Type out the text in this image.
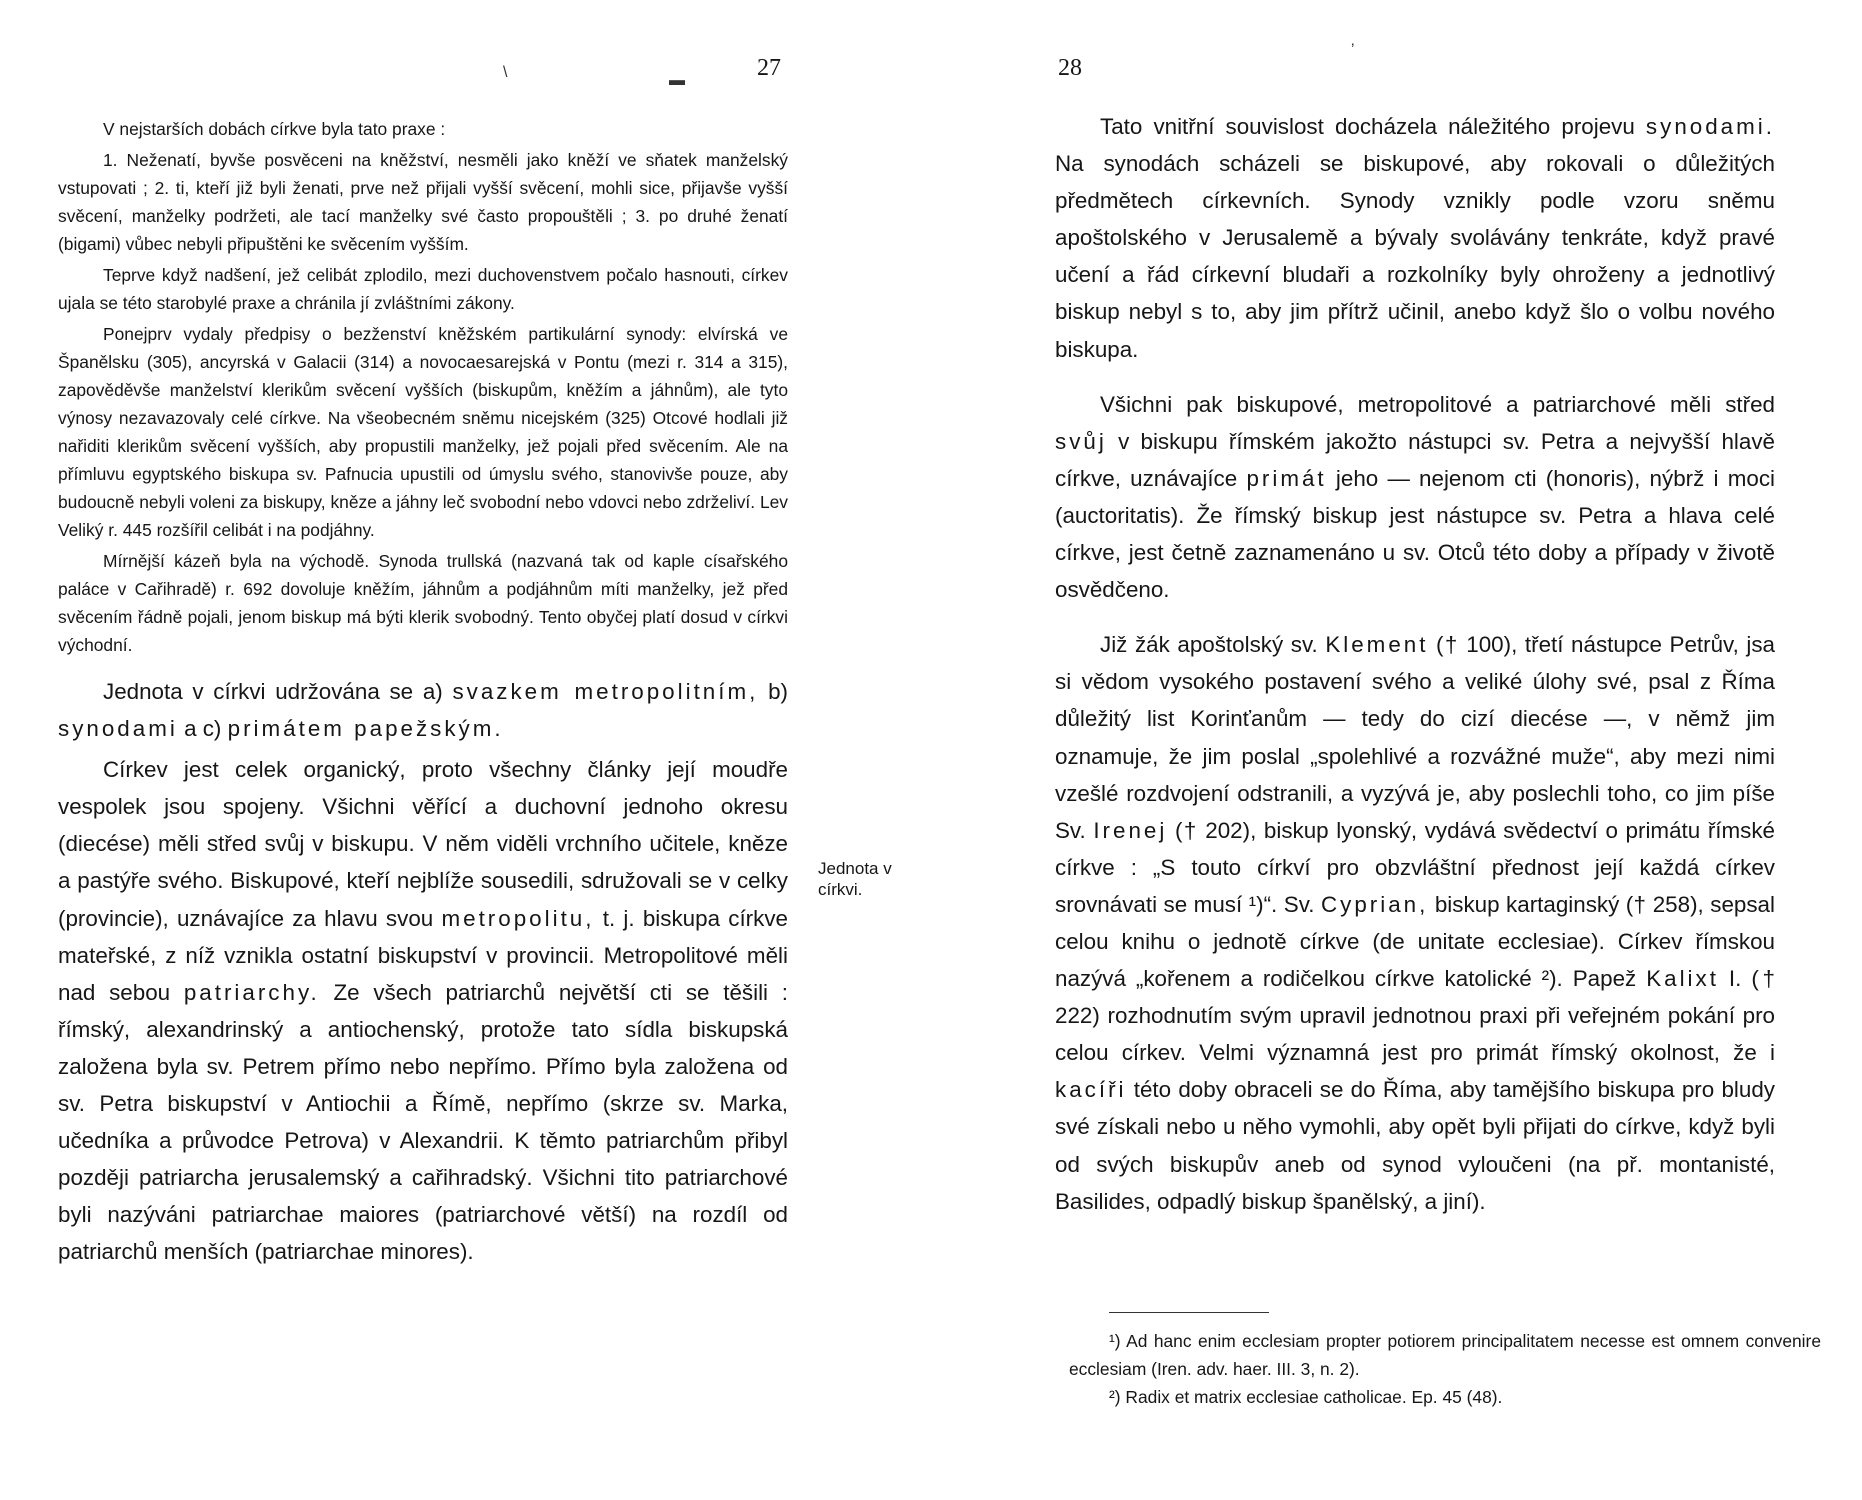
\	▬	27

V nejstarších dobách církve byla tato praxe :

1. Neženatí, byvše posvěceni na kněžství, nesměli jako kněží ve sňatek manželský vstupovati ; 2. ti, kteří již byli ženati, prve než přijali vyšší svěcení, mohli sice, přijavše vyšší svěcení, manželky podržeti, ale tací manželky své často propouštěli ; 3. po druhé ženatí (bigami) vůbec nebyli připuštěni ke svěcením vyšším.

Teprve když nadšení, jež celibát zplodilo, mezi duchovenstvem počalo hasnouti, církev ujala se této starobylé praxe a chránila jí zvláštními zákony.

Ponejprv vydaly předpisy o bezženství kněžském partikulární synody: elvírská ve Španělsku (305), ancyrská v Galacii (314) a novocaesarejská v Pontu (mezi r. 314 a 315), zapověděvše manželství klerikům svěcení vyšších (biskupům, kněžím a jáhnům), ale tyto výnosy nezavazovaly celé církve. Na všeobecném sněmu nicejském (325) Otcové hodlali již nařiditi klerikům svěcení vyšších, aby propustili manželky, jež pojali před svěcením. Ale na přímluvu egyptského biskupa sv. Pafnucia upustili od úmyslu svého, stanovivše pouze, aby budoucně nebyli voleni za biskupy, kněze a jáhny leč svobodní nebo vdovci nebo zdrželiví. Lev Veliký r. 445 rozšířil celibát i na podjáhny.

Mírnější kázeň byla na východě. Synoda trullská (nazvaná tak od kaple císařského paláce v Cařihradě) r. 692 dovoluje kněžím, jáhnům a podjáhnům míti manželky, jež před svěcením řádně pojali, jenom biskup má býti klerik svobodný. Tento obyčej platí dosud v církvi východní.

Jednota v církvi udržována se a) svazkem metropolitním, b) synodami a c) primátem papežským.

Církev jest celek organický, proto všechny články její moudře vespolek jsou spojeny. Všichni věřící a duchovní jednoho okresu (diecése) měli střed svůj v biskupu. V něm viděli vrchního učitele, kněze a pastýře svého. Biskupové, kteří nejblíže sousedili, sdružovali se v celky (provincie), uznávajíce za hlavu svou metropolitu, t. j. biskupa církve mateřské, z níž vznikla ostatní biskupství v provincii. Metropolitové měli nad sebou patriarchy. Ze všech patriarchů největší cti se těšili : římský, alexandrinský a antiochenský, protože tato sídla biskupská založena byla sv. Petrem přímo nebo nepřímo. Přímo byla založena od sv. Petra biskupství v Antiochii a Římě, nepřímo (skrze sv. Marka, učedníka a průvodce Petrova) v Alexandrii. K těmto patriarchům přibyl později patriarcha jerusalemský a cařihradský. Všichni tito patriarchové byli nazýváni patriarchae maiores (patriarchové větší) na rozdíl od patriarchů menších (patriarchae minores).

Jednota v církvi.

28
ʼ

Tato vnitřní souvislost docházela náležitého projevu synodami. Na synodách scházeli se biskupové, aby rokovali o důležitých předmětech církevních. Synody vznikly podle vzoru sněmu apoštolského v Jerusalemě a bývaly svolávány tenkráte, když pravé učení a řád církevní bludaři a rozkolníky byly ohroženy a jednotlivý biskup nebyl s to, aby jim přítrž učinil, anebo když šlo o volbu nového biskupa.

Všichni pak biskupové, metropolitové a patriarchové měli střed svůj v biskupu římském jakožto nástupci sv. Petra a nejvyšší hlavě církve, uznávajíce primát jeho — nejenom cti (honoris), nýbrž i moci (auctoritatis). Že římský biskup jest nástupce sv. Petra a hlava celé církve, jest četně zaznamenáno u sv. Otců této doby a případy v životě osvědčeno.

Již žák apoštolský sv. Klement († 100), třetí nástupce Petrův, jsa si vědom vysokého postavení svého a veliké úlohy své, psal z Říma důležitý list Korinťanům — tedy do cizí diecése —, v němž jim oznamuje, že jim poslal „spolehlivé a rozvážné muže“, aby mezi nimi vzešlé rozdvojení odstranili, a vyzývá je, aby poslechli toho, co jim píše Sv. Irenej († 202), biskup lyonský, vydává svědectví o primátu římské církve : „S touto církví pro obzvláštní přednost její každá církev srovnávati se musí ¹)“. Sv. Cyprian, biskup kartaginský († 258), sepsal celou knihu o jednotě církve (de unitate ecclesiae). Církev římskou nazývá „kořenem a rodičelkou církve katolické ²). Papež Kalixt I. († 222) rozhodnutím svým upravil jednotnou praxi při veřejném pokání pro celou církev. Velmi významná jest pro primát římský okolnost, že i kacíři této doby obraceli se do Říma, aby tamějšího biskupa pro bludy své získali nebo u něho vymohli, aby opět byli přijati do církve, když byli od svých biskupův aneb od synod vyloučeni (na př. montanisté, Basilides, odpadlý biskup španělský, a jiní).

¹) Ad hanc enim ecclesiam propter potiorem principalitatem necesse est omnem convenire ecclesiam (Iren. adv. haer. III. 3, n. 2).

²) Radix et matrix ecclesiae catholicae. Ep. 45 (48).
